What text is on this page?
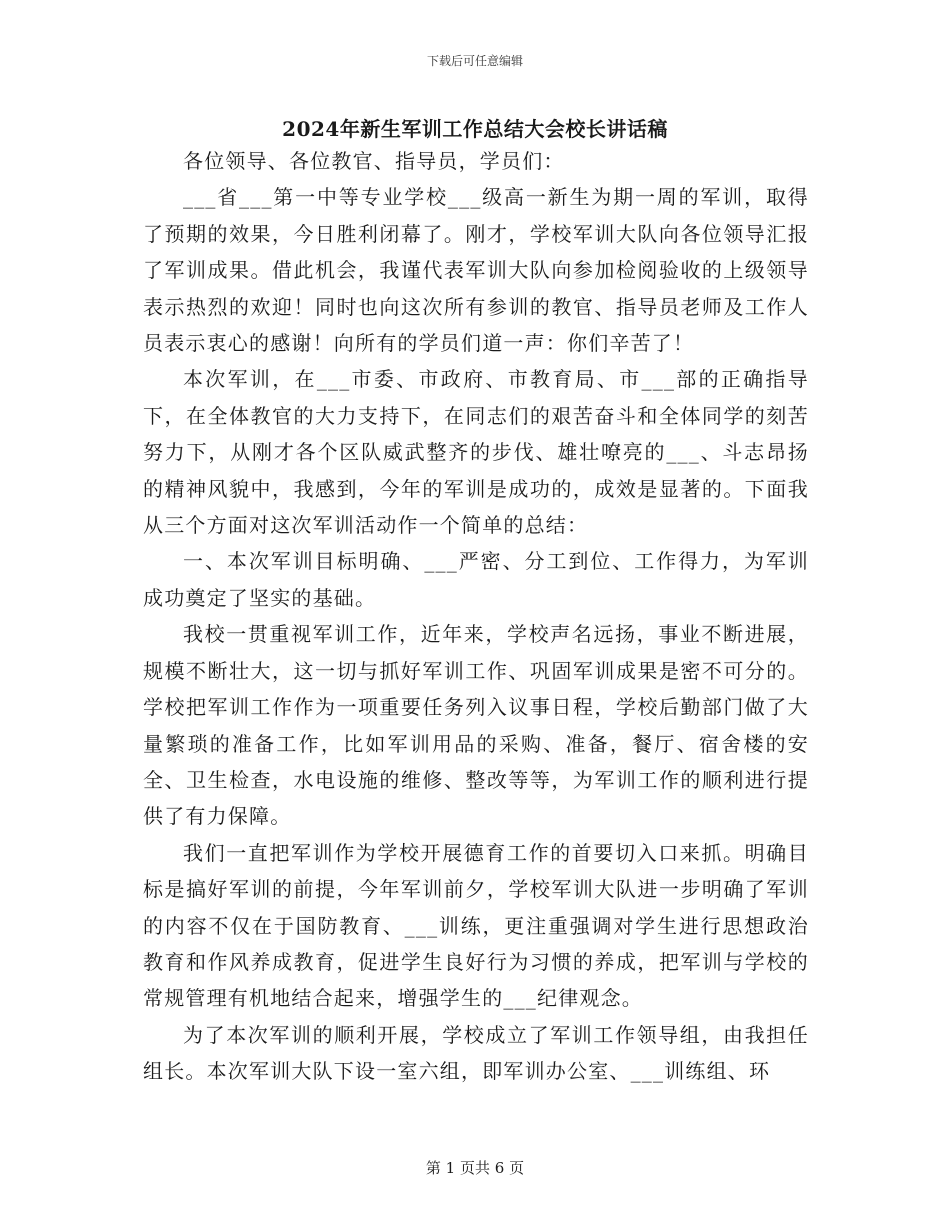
下载后可任意编辑
2024年新生军训工作总结大会校长讲话稿

各位领导、各位教官、指导员，学员们：

___省___第一中等专业学校___级高一新生为期一周的军训，取得了预期的效果，今日胜利闭幕了。刚才，学校军训大队向各位领导汇报了军训成果。借此机会，我谨代表军训大队向参加检阅验收的上级领导表示热烈的欢迎！同时也向这次所有参训的教官、指导员老师及工作人员表示衷心的感谢！向所有的学员们道一声：你们辛苦了！

本次军训，在___市委、市政府、市教育局、市___部的正确指导下，在全体教官的大力支持下，在同志们的艰苦奋斗和全体同学的刻苦努力下，从刚才各个区队威武整齐的步伐、雄壮嘹亮的___、斗志昂扬的精神风貌中，我感到，今年的军训是成功的，成效是显著的。下面我从三个方面对这次军训活动作一个简单的总结：

一、本次军训目标明确、___严密、分工到位、工作得力，为军训成功奠定了坚实的基础。

我校一贯重视军训工作，近年来，学校声名远扬，事业不断进展，规模不断壮大，这一切与抓好军训工作、巩固军训成果是密不可分的。学校把军训工作作为一项重要任务列入议事日程，学校后勤部门做了大量繁琐的准备工作，比如军训用品的采购、准备，餐厅、宿舍楼的安全、卫生检查，水电设施的维修、整改等等，为军训工作的顺利进行提供了有力保障。

我们一直把军训作为学校开展德育工作的首要切入口来抓。明确目标是搞好军训的前提，今年军训前夕，学校军训大队进一步明确了军训的内容不仅在于国防教育、___训练，更注重强调对学生进行思想政治教育和作风养成教育，促进学生良好行为习惯的养成，把军训与学校的常规管理有机地结合起来，增强学生的___纪律观念。

为了本次军训的顺利开展，学校成立了军训工作领导组，由我担任组长。本次军训大队下设一室六组，即军训办公室、___训练组、环

第 1 页共 6 页
